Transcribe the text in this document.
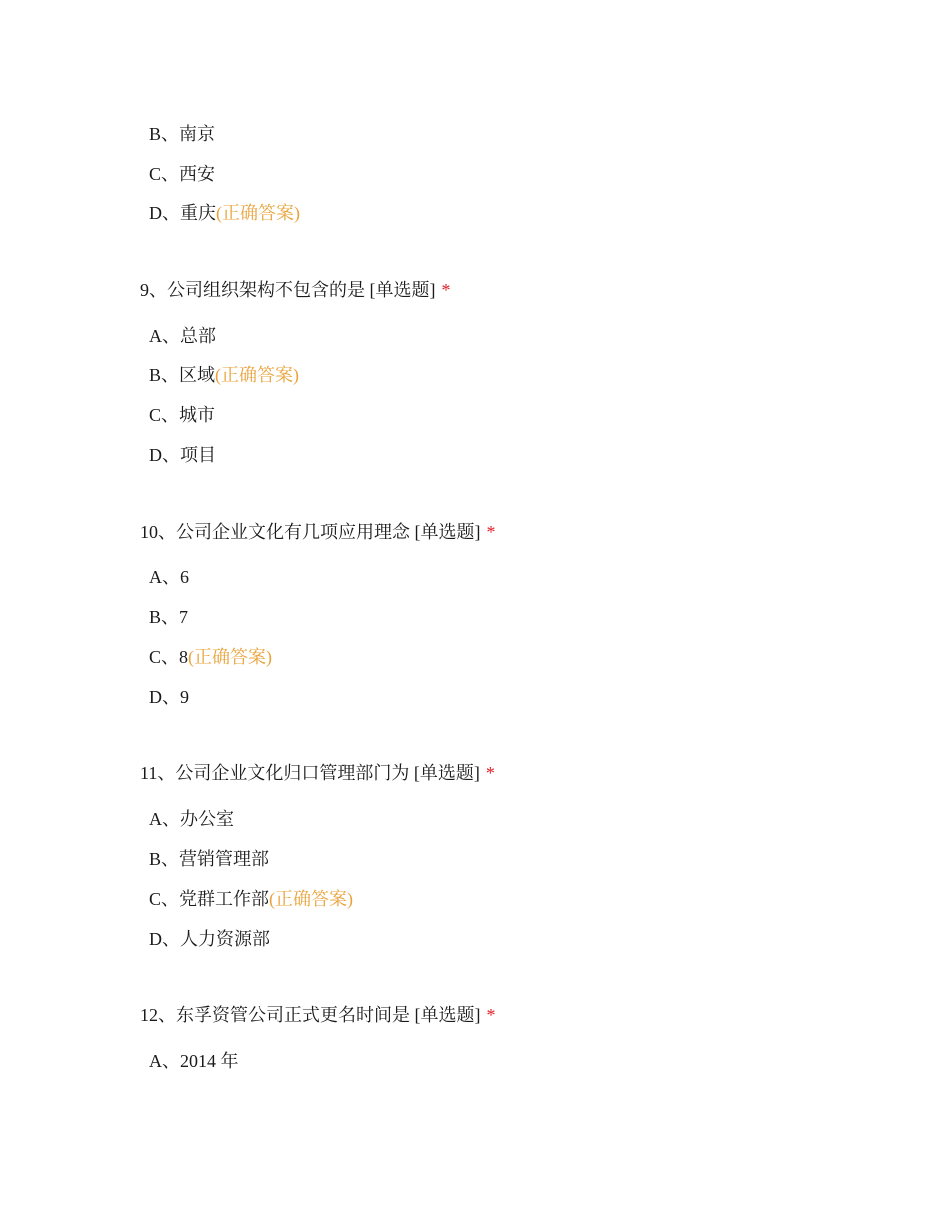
B、南京
C、西安
D、重庆(正确答案)
9、公司组织架构不包含的是 [单选题] *
A、总部
B、区域(正确答案)
C、城市
D、项目
10、公司企业文化有几项应用理念 [单选题] *
A、6
B、7
C、8(正确答案)
D、9
11、公司企业文化归口管理部门为 [单选题] *
A、办公室
B、营销管理部
C、党群工作部(正确答案)
D、人力资源部
12、东孚资管公司正式更名时间是 [单选题] *
A、2014 年
